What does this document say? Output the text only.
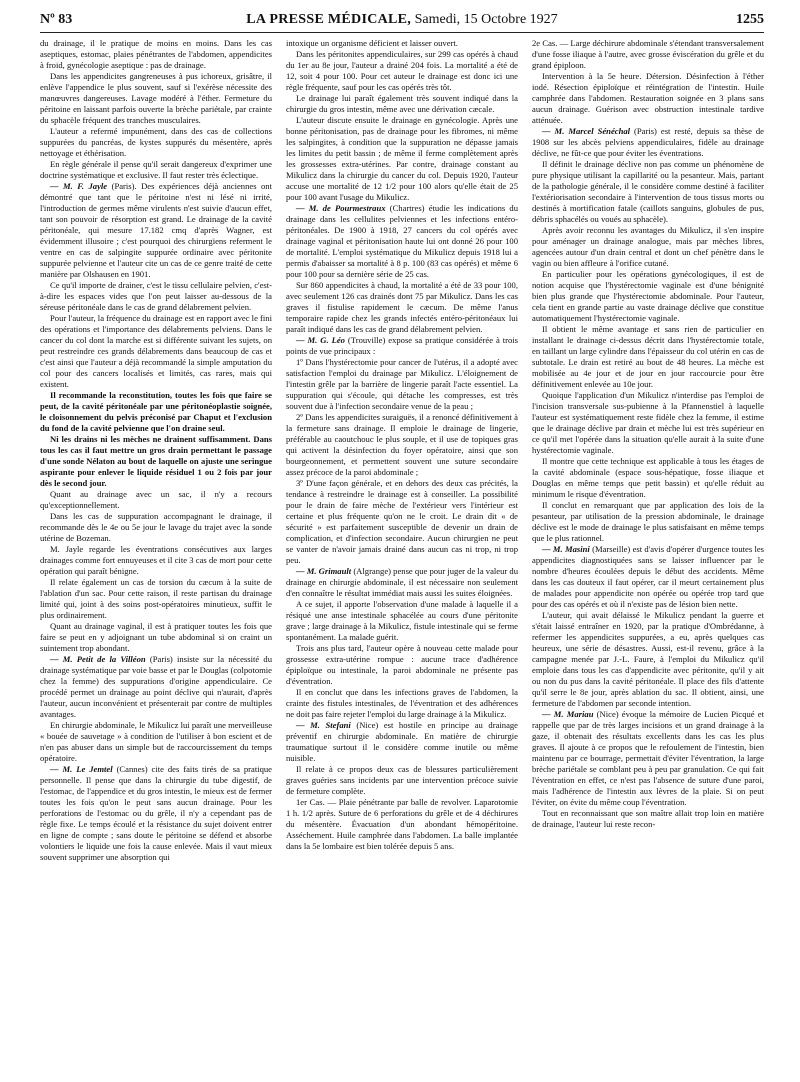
Nº 83	LA PRESSE MÉDICALE, Samedi, 15 Octobre 1927	1255

du drainage, il le pratique de moins en moins. Dans les cas aseptiques, estomac, plaies pénétrantes de l'abdomen, appendicites à froid, gynécologie aseptique : pas de drainage.

Dans les appendicites gangreneuses à pus ichoreux, grisâtre, il enlève l'appendice le plus souvent, sauf si l'exérèse nécessite des manœuvres dangereuses. Lavage modéré à l'éther. Fermeture du péritoine en laissant parfois ouverte la brèche pariétale, par crainte du sphacèle fréquent des tranches musculaires.

L'auteur a refermé impunément, dans des cas de collections suppurées du pancréas, de kystes suppurés du mésentère, après nettoyage et éthérisation.

En règle générale il pense qu'il serait dangereux d'exprimer une doctrine systématique et exclusive. Il faut rester très éclectique.

— M. F. Jayle (Paris). Des expériences déjà anciennes ont démontré que tant que le péritoine n'est ni lésé ni irrité, l'introduction de germes même virulents n'est suivie d'aucun effet, tant son pouvoir de résorption est grand. Le drainage de la cavité péritonéale, qui mesure 17.182 cmq d'après Wagner, est évidemment illusoire ; c'est pourquoi des chirurgiens referment le ventre en cas de salpingite suppurée ordinaire avec péritonite suppurée pelvienne et l'auteur cite un cas de ce genre traité de cette manière par Olshausen en 1901.

Ce qu'il importe de drainer, c'est le tissu cellulaire pelvien, c'est-à-dire les espaces vides que l'on peut laisser au-dessous de la séreuse péritonéale dans le cas de grand délabrement pelvien.

Pour l'auteur, la fréquence du drainage est en rapport avec le fini des opérations et l'importance des délabrements pelviens. Dans le cancer du col dont la marche est si différente suivant les sujets, on peut restreindre ces grands délabrements dans beaucoup de cas et c'est ainsi que l'auteur a déjà recommandé la simple amputation du col pour des cancers localisés et limités, cas rares, mais qui existent.

Il recommande la reconstitution, toutes les fois que faire se peut, de la cavité péritonéale par une péritonéoplastie soignée, le cloisonnement du pelvis préconisé par Chaput et l'exclusion du fond de la cavité pelvienne que l'on draine seul.

Ni les drains ni les mèches ne drainent suffisamment. Dans tous les cas il faut mettre un gros drain permettant le passage d'une sonde Nélaton au bout de laquelle on ajuste une seringue aspirante pour enlever le liquide résiduel 1 ou 2 fois par jour dès le second jour.

Quant au drainage avec un sac, il n'y a recours qu'exceptionnellement.

Dans les cas de suppuration accompagnant le drainage, il recommande dès le 4e ou 5e jour le lavage du trajet avec la sonde utérine de Bozeman.

M. Jayle regarde les éventrations consécutives aux larges drainages comme fort ennuyeuses et il cite 3 cas de mort pour cette opération qui paraît bénigne.

Il relate également un cas de torsion du cæcum à la suite de l'ablation d'un sac. Pour cette raison, il reste partisan du drainage limité qui, joint à des soins post-opératoires minutieux, suffit le plus ordinairement.

Quant au drainage vaginal, il est à pratiquer toutes les fois que faire se peut en y adjoignant un tube abdominal si on craint un suintement trop abondant.

— M. Petit de la Villéon (Paris) insiste sur la nécessité du drainage systématique par voie basse et par le Douglas (colpotomie chez la femme) des suppurations d'origine appendiculaire. Ce procédé permet un drainage au point déclive qui n'aurait, d'après l'auteur, aucun inconvénient et présenterait par contre de multiples avantages.

En chirurgie abdominale, le Mikulicz lui paraît une merveilleuse « bouée de sauvetage » à condition de l'utiliser à bon escient et de n'en pas abuser dans un simple but de raccourcissement du temps opératoire.

— M. Le Jemtel (Cannes) cite des faits tirés de sa pratique personnelle. Il pense que dans la chirurgie du tube digestif, de l'estomac, de l'appendice et du gros intestin, le mieux est de fermer toutes les fois qu'on le peut sans aucun drainage. Pour les perforations de l'estomac ou du grêle, il n'y a cependant pas de règle fixe. Le temps écoulé et la résistance du sujet doivent entrer en ligne de compte ; sans doute le péritoine se défend et absorbe volontiers le liquide une fois la cause enlevée. Mais il vaut mieux souvent supprimer une absorption qui

intoxique un organisme déficient et laisser ouvert.

Dans les péritonites appendiculaires, sur 299 cas opérés à chaud du 1er au 8e jour, l'auteur a drainé 204 fois. La mortalité a été de 12, soit 4 pour 100. Pour cet auteur le drainage est donc ici une règle fréquente, sauf pour les cas opérés très tôt.

Le drainage lui paraît également très souvent indiqué dans la chirurgie du gros intestin, même avec une dérivation cæcale.

L'auteur discute ensuite le drainage en gynécologie. Après une bonne péritonisation, pas de drainage pour les fibromes, ni même les salpingites, à condition que la suppuration ne dépasse jamais les limites du petit bassin ; de même il ferme complètement après les grossesses extra-utérines. Par contre, drainage constant au Mikulicz dans la chirurgie du cancer du col. Depuis 1920, l'auteur accuse une mortalité de 12 1/2 pour 100 alors qu'elle était de 25 pour 100 avant l'usage du Mikulicz.

— M. de Pourmestraux (Chartres) étudie les indications du drainage dans les cellulites pelviennes et les infections entéro-péritonéales. De 1900 à 1918, 27 cancers du col opérés avec drainage vaginal et péritonisation haute lui ont donné 26 pour 100 de mortalité. L'emploi systématique du Mikulicz depuis 1918 lui a permis d'abaisser sa mortalité à 8 p. 100 (83 cas opérés) et même 6 pour 100 pour sa dernière série de 25 cas.

Sur 860 appendicites à chaud, la mortalité a été de 33 pour 100, avec seulement 126 cas drainés dont 75 par Mikulicz. Dans les cas graves il fistulise rapidement le cæcum. De même l'anus temporaire rapide chez les grands infectés entéro-péritonéaux lui paraît indiqué dans les cas de grand délabrement pelvien.

— M. G. Léo (Trouville) expose sa pratique considérée à trois points de vue principaux :

1º Dans l'hystérectomie pour cancer de l'utérus, il a adopté avec satisfaction l'emploi du drainage par Mikulicz. L'éloignement de l'intestin grêle par la barrière de lingerie paraît l'acte essentiel. La suppuration qui s'écoule, qui détache les compresses, est très souvent due à l'infection secondaire venue de la peau ;

2º Dans les appendicites suraiguës, il a renoncé définitivement à la fermeture sans drainage. Il emploie le drainage de lingerie, préférable au caoutchouc le plus souple, et il use de topiques gras qui activent la désinfection du foyer opératoire, ainsi que son bourgeonnement, et permettent souvent une suture secondaire assez précoce de la paroi abdominale ;

3º D'une façon générale, et en dehors des deux cas précités, la tendance à restreindre le drainage est à conseiller. La possibilité pour le drain de faire mèche de l'extérieur vers l'intérieur est certaine et plus fréquente qu'on ne le croit. Le drain dit « de sécurité » est parfaitement susceptible de devenir un drain de complication, et d'infection secondaire. Aucun chirurgien ne peut se vanter de n'avoir jamais drainé dans aucun cas ni trop, ni trop peu.

— M. Grimault (Algrange) pense que pour juger de la valeur du drainage en chirurgie abdominale, il est nécessaire non seulement d'en connaître le résultat immédiat mais aussi les suites éloignées.

A ce sujet, il apporte l'observation d'une malade à laquelle il a résiqué une anse intestinale sphacélée au cours d'une péritonite grave ; large drainage à la Mikulicz, fistule intestinale qui se ferme spontanément. La malade guérit.

Trois ans plus tard, l'auteur opère à nouveau cette malade pour grossesse extra-utérine rompue : aucune trace d'adhérence épiploïque ou intestinale, la paroi abdominale ne présente pas d'éventration.

Il en conclut que dans les infections graves de l'abdomen, la crainte des fistules intestinales, de l'éventration et des adhérences ne doit pas faire rejeter l'emploi du large drainage à la Mikulicz.

— M. Stefani (Nice) est hostile en principe au drainage préventif en chirurgie abdominale. En matière de chirurgie traumatique surtout il le considère comme inutile ou même nuisible.

Il relate à ce propos deux cas de blessures particulièrement graves guéries sans incidents par une intervention précoce suivie de fermeture complète.

1er Cas. — Plaie pénétrante par balle de revolver. Laparotomie 1 h. 1/2 après. Suture de 6 perforations du grêle et de 4 déchirures du mésentère. Évacuation d'un abondant hémopéritoine. Asséchement. Huile camphrée dans l'abdomen. La balle implantée dans la 5e lombaire est bien tolérée depuis 5 ans.

2e Cas. — Large déchirure abdominale s'étendant transversalement d'une fosse iliaque à l'autre, avec grosse éviscération du grêle et du grand épiploon.

Intervention à la 5e heure. Détersion. Désinfection à l'éther iodé. Résection épiploïque et réintégration de l'intestin. Huile camphrée dans l'abdomen. Restauration soignée en 3 plans sans aucun drainage. Guérison avec obstruction intestinale tardive atténuée.

— M. Marcel Sénéchal (Paris) est resté, depuis sa thèse de 1908 sur les abcès pelviens appendiculaires, fidèle au drainage déclive, ne fût-ce que pour éviter les éventrations.

Il définit le drainage déclive non pas comme un phénomène de pure physique utilisant la capillarité ou la pesanteur. Mais, partant de la pathologie générale, il le considère comme destiné à faciliter l'extériorisation secondaire à l'intervention de tous tissus morts ou destinés à mortification fatale (caillots sanguins, globules de pus, débris sphacélés ou voués au sphacèle).

Après avoir reconnu les avantages du Mikulicz, il s'en inspire pour aménager un drainage analogue, mais par mèches libres, agencées autour d'un drain central et dont un chef pénètre dans le vagin ou bien affleure à l'orifice cutané.

En particulier pour les opérations gynécologiques, il est de notion acquise que l'hystérectomie vaginale est d'une bénignité bien plus grande que l'hystérectomie abdominale. Pour l'auteur, cela tient en grande partie au vaste drainage déclive que constitue automatiquement l'hystérectomie vaginale.

Il obtient le même avantage et sans rien de particulier en installant le drainage ci-dessus décrit dans l'hystérectomie totale, en taillant un large cylindre dans l'épaisseur du col utérin en cas de subtotale. Le drain est retiré au bout de 48 heures. La mèche est mobilisée au 4e jour et de jour en jour raccourcie pour être définitivement enlevée au 10e jour.

Quoique l'application d'un Mikulicz n'interdise pas l'emploi de l'incision transversale sus-pubienne à la Pfannenstiel à laquelle l'auteur est systématiquement reste fidèle chez la femme, il estime que le drainage déclive par drain et mèche lui est très supérieur en ce qu'il met l'opérée dans la situation qu'elle aurait à la suite d'une hystérectomie vaginale.

Il montre que cette technique est applicable à tous les étages de la cavité abdominale (espace sous-hépatique, fosse iliaque et Douglas en même temps que petit bassin) et qu'elle réduit au minimum le risque d'éventration.

Il conclut en remarquant que par application des lois de la pesanteur, par utilisation de la pression abdominale, le drainage déclive est le mode de drainage le plus satisfaisant en même temps que le plus rationnel.

— M. Masini (Marseille) est d'avis d'opérer d'urgence toutes les appendicites diagnostiquées sans se laisser influencer par le nombre d'heures écoulées depuis le début des accidents. Même dans les cas douteux il faut opérer, car il meurt certainement plus de malades pour appendicite non opérée ou opérée trop tard que pour des cas opérés et où il n'existe pas de lésion bien nette.

L'auteur, qui avait délaissé le Mikulicz pendant la guerre et s'était laissé entraîner en 1920, par la pratique d'Ombrédanne, à refermer les appendicites suppurées, a eu, après quelques cas heureux, une série de désastres. Aussi, est-il revenu, grâce à la campagne menée par J.-L. Faure, à l'emploi du Mikulicz qu'il emploie dans tous les cas d'appendicite avec péritonite, qu'il y ait ou non du pus dans la cavité péritonéale. Il place des fils d'attente qu'il serre le 8e jour, après ablation du sac. Il obtient, ainsi, une fermeture de l'abdomen par seconde intention.

— M. Mariau (Nice) évoque la mémoire de Lucien Picqué et rappelle que par de très larges incisions et un grand drainage à la gaze, il obtenait des résultats excellents dans les cas les plus graves. Il ajoute à ce propos que le refoulement de l'intestin, bien maintenu par ce bourrage, permettait d'éviter l'éventration, la large brèche pariétale se comblant peu à peu par granulation. Ce qui fait l'éventration en effet, ce n'est pas l'absence de suture d'une paroi, mais l'adhérence de l'intestin aux lèvres de la plaie. Si on peut l'éviter, on évite du même coup l'éventration.

Tout en reconnaissant que son maître allait trop loin en matière de drainage, l'auteur lui reste recon-
